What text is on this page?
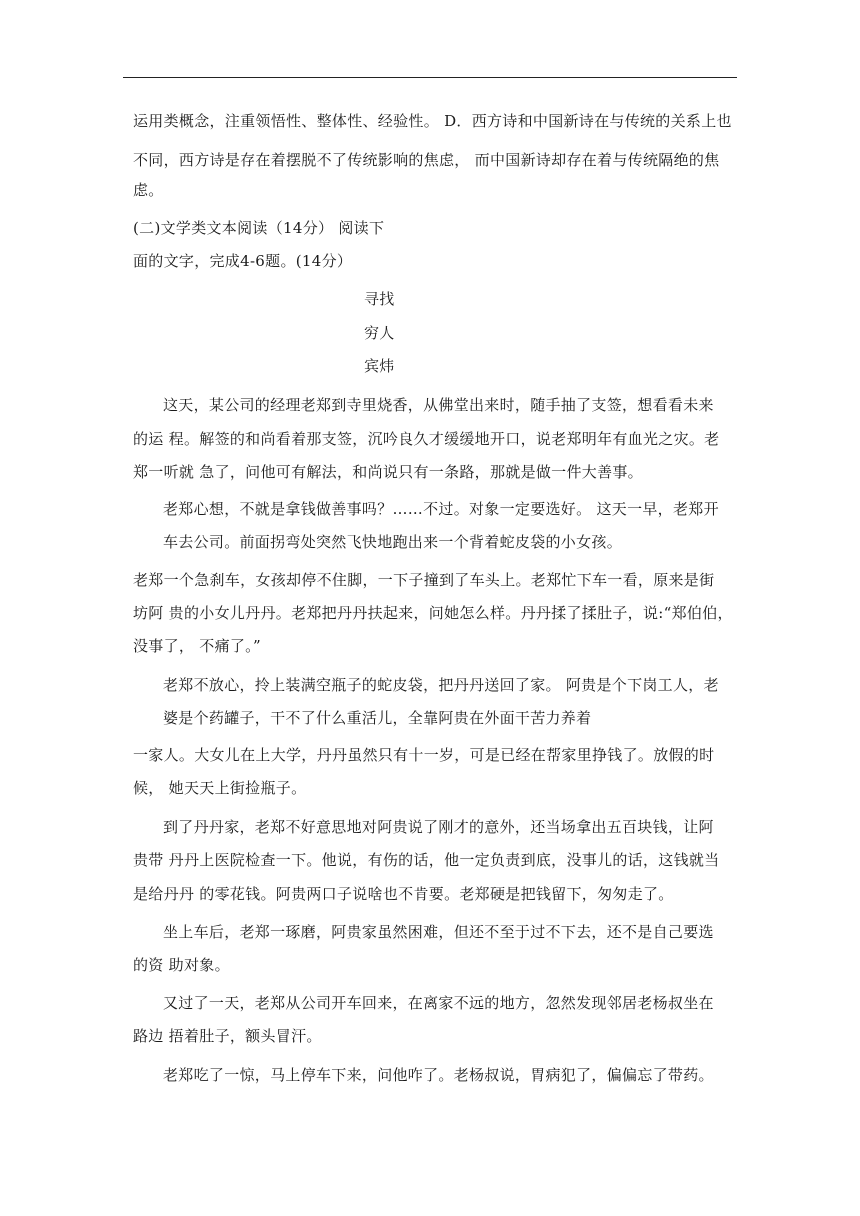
运用类概念，注重领悟性、整体性、经验性。 D．西方诗和中国新诗在与传统的关系上也
不同，西方诗是存在着摆脱不了传统影响的焦虑， 而中国新诗却存在着与传统隔绝的焦
虑。
(二)文学类文本阅读（14分） 阅读下
面的文字，完成4-6题。(14分）
寻找
穷人
宾炜
这天，某公司的经理老郑到寺里烧香，从佛堂出来时，随手抽了支签，想看看未来
的运 程。解签的和尚看着那支签，沉吟良久才缓缓地开口，说老郑明年有血光之灾。老
郑一听就 急了，问他可有解法，和尚说只有一条路，那就是做一件大善事。
老郑心想，不就是拿钱做善事吗？……不过。对象一定要选好。 这天一早，老郑开
车去公司。前面拐弯处突然飞快地跑出来一个背着蛇皮袋的小女孩。
老郑一个急刹车，女孩却停不住脚，一下子撞到了车头上。老郑忙下车一看，原来是街
坊阿 贵的小女儿丹丹。老郑把丹丹扶起来，问她怎么样。丹丹揉了揉肚子，说:“郑伯伯，
没事了， 不痛了。”
老郑不放心，拎上装满空瓶子的蛇皮袋，把丹丹送回了家。 阿贵是个下岗工人，老
婆是个药罐子，干不了什么重活儿，全靠阿贵在外面干苦力养着
一家人。大女儿在上大学，丹丹虽然只有十一岁，可是已经在帮家里挣钱了。放假的时
候， 她天天上街捡瓶子。
到了丹丹家，老郑不好意思地对阿贵说了刚才的意外，还当场拿出五百块钱，让阿
贵带 丹丹上医院检查一下。他说，有伤的话，他一定负责到底，没事儿的话，这钱就当
是给丹丹 的零花钱。阿贵两口子说啥也不肯要。老郑硬是把钱留下，匆匆走了。
坐上车后，老郑一琢磨，阿贵家虽然困难，但还不至于过不下去，还不是自己要选
的资 助对象。
又过了一天，老郑从公司开车回来，在离家不远的地方，忽然发现邻居老杨叔坐在
路边 捂着肚子，额头冒汗。
老郑吃了一惊，马上停车下来，问他咋了。老杨叔说，胃病犯了，偏偏忘了带药。
